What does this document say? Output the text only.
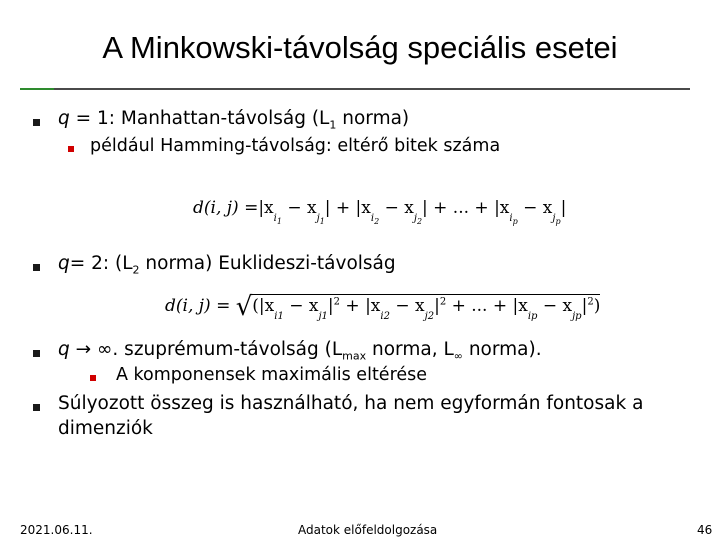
A Minkowski-távolság speciális esetei
q = 1: Manhattan-távolság ($L_1$ norma)
például Hamming-távolság: eltérő bitek száma
d(i, $j) =|x_{i1} - x_{j1}| + |x_{i2} - x_{j2}|$ + ... + $|x_{ip} - x_{jp}|$
q= 2: ($L_2$ norma) Euklideszi-távolság
d(i, $j) = √(|x_{i1} - x_{j1}|^2 + |x_{i2} - x_{j2}|^2$ + ... + $|x_{ip} - x_{jp}|^2$)
q → ∞. szuprémum-távolság ($L_{max}$ norma, $L_\infty$ norma).
A komponensek maximális eltérése
Súlyozott összeg is használható, ha nem egyformán fontosak a
dimenziók
2021.06.11.	Adatok előfeldolgozása	46
